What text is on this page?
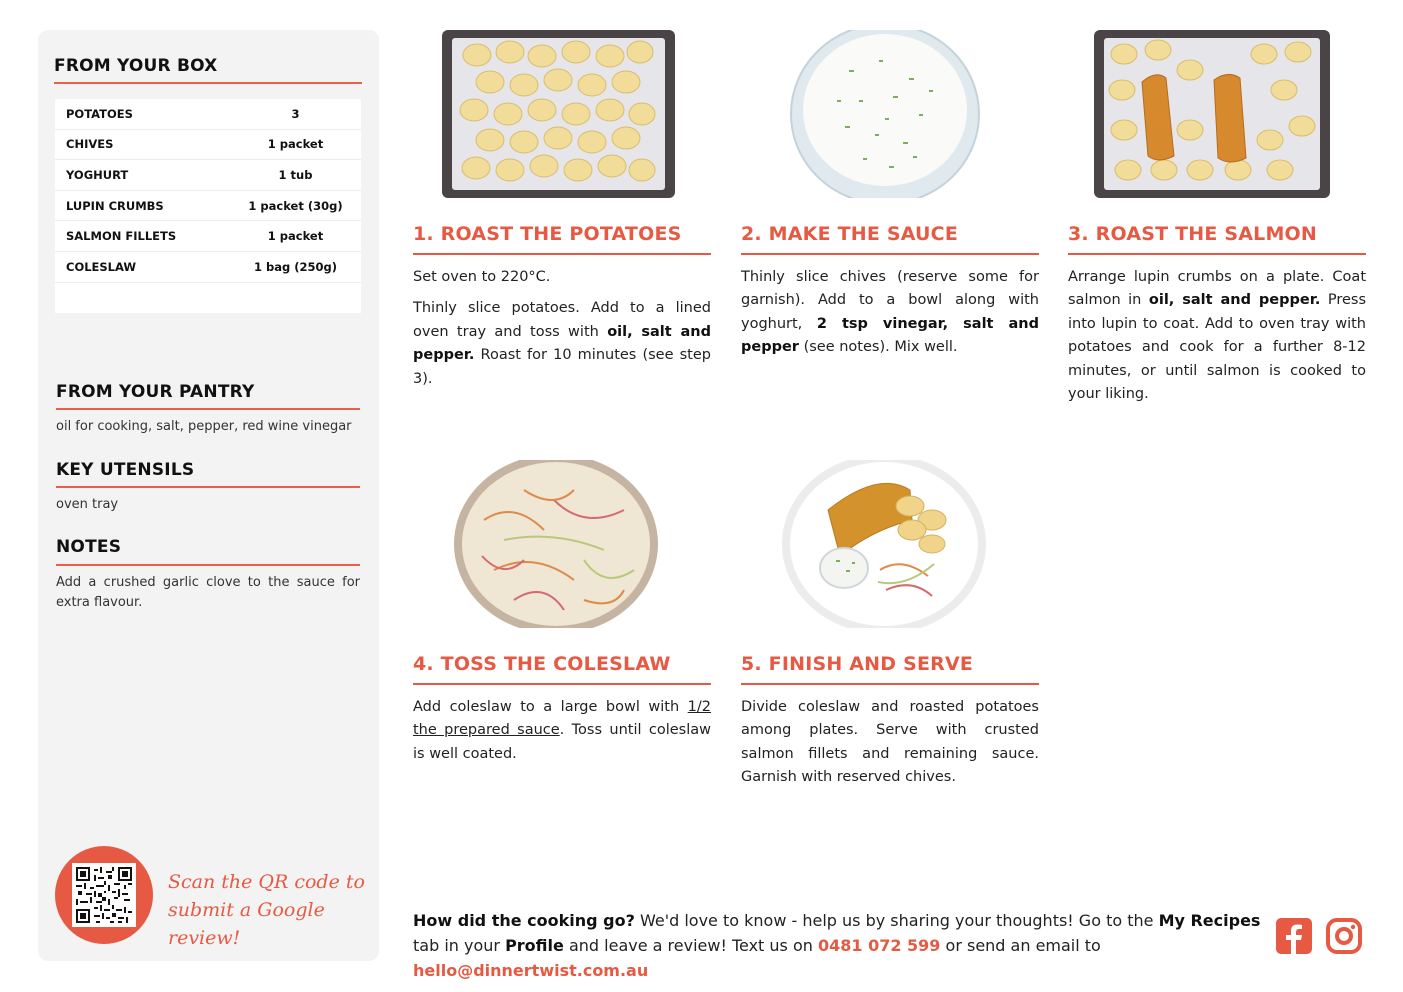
FROM YOUR BOX
POTATOES	3
CHIVES	1 packet
YOGHURT	1 tub
LUPIN CRUMBS	1 packet (30g)
SALMON FILLETS	1 packet
COLESLAW	1 bag (250g)
FROM YOUR PANTRY
oil for cooking, salt, pepper, red wine vinegar
KEY UTENSILS
oven tray
NOTES
Add a crushed garlic clove to the sauce for extra flavour.
Scan the QR code to
submit a Google review!
1. ROAST THE POTATOES

Set oven to 220°C.

Thinly slice potatoes. Add to a lined oven tray and toss with oil, salt and pepper. Roast for 10 minutes (see step 3).

2. MAKE THE SAUCE

Thinly slice chives (reserve some for garnish). Add to a bowl along with yoghurt, 2 tsp vinegar, salt and pepper (see notes). Mix well.

3. ROAST THE SALMON

Arrange lupin crumbs on a plate. Coat salmon in oil, salt and pepper. Press into lupin to coat. Add to oven tray with potatoes and cook for a further 8-12 minutes, or until salmon is cooked to your liking.

4. TOSS THE COLESLAW

Add coleslaw to a large bowl with 1/2 the prepared sauce. Toss until coleslaw is well coated.

5. FINISH AND SERVE

Divide coleslaw and roasted potatoes among plates. Serve with crusted salmon fillets and remaining sauce. Garnish with reserved chives.

How did the cooking go? We'd love to know - help us by sharing your thoughts! Go to the My Recipes tab in your Profile and leave a review! Text us on 0481 072 599 or send an email to hello@dinnertwist.com.au
